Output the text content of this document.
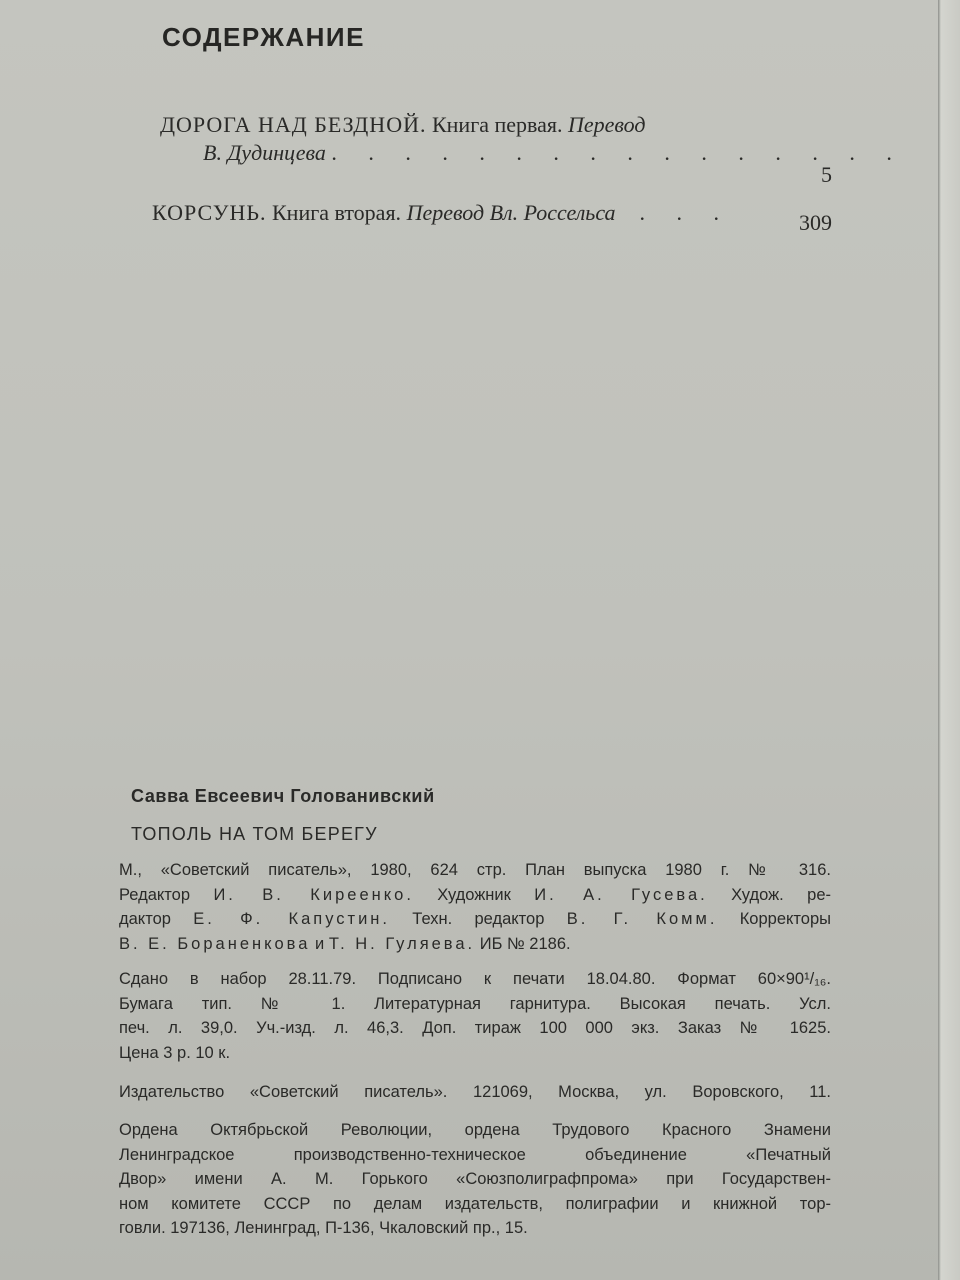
СОДЕРЖАНИЕ
ДОРОГА НАД БЕЗДНОЙ. Книга первая. Перевод
В. Дудинцева . . . . . . . . . . . . . . . .
5
КОРСУНЬ. Книга вторая. Перевод Вл. Россельса  . . .	309
Савва Евсеевич Голованивский
ТОПОЛЬ НА ТОМ БЕРЕГУ

М., «Советский писатель», 1980, 624 стр. План выпуска 1980 г. № 316.
Редактор И. В. Киреенко. Художник И. А. Гусева. Худож. ре-
дактор Е. Ф. Капустин. Техн. редактор В. Г. Комм. Корректоры
В. Е. Бораненкова и Т. Н. Гуляева. ИБ № 2186.

Сдано в набор 28.11.79. Подписано к печати 18.04.80. Формат 60×90¹/₁₆.
Бумага тип. № 1. Литературная гарнитура. Высокая печать. Усл.
печ. л. 39,0. Уч.-изд. л. 46,3. Доп. тираж 100 000 экз. Заказ № 1625.
Цена 3 р. 10 к.

Издательство «Советский писатель». 121069, Москва, ул. Воровского, 11.

Ордена Октябрьской Революции, ордена Трудового Красного Знамени
Ленинградское производственно-техническое объединение «Печатный
Двор» имени А. М. Горького «Союзполиграфпрома» при Государствен-
ном комитете СССР по делам издательств, полиграфии и книжной тор-
говли. 197136, Ленинград, П-136, Чкаловский пр., 15.
